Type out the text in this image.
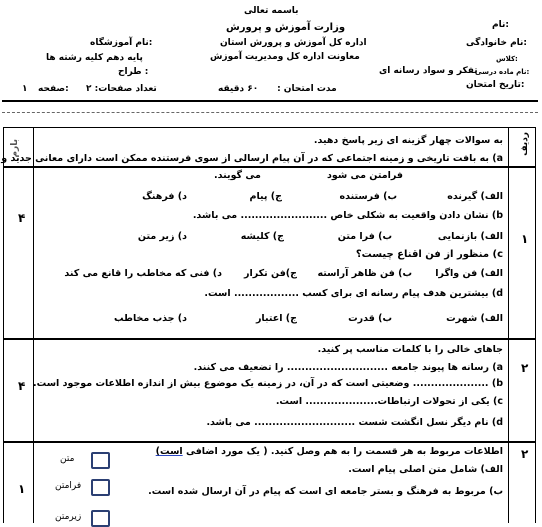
باسمه تعالی
وزارت آموزش و پرورش
اداره کل آموزش و پرورش استان
معاونت اداره کل ومدیریت آموزش
نام:
نام خانوادگی:
کلاس:
نام ماده درسی:
تفکر و سواد رسانه ای
تاریخ امتحان:
نام آموزشگاه:
پایه دهم کلیه رشته ها
طراح :
مدت امتحان :      ۶۰ دقیقه
تعداد صفحات: ۲
صفحه:
۱
ردیف
بارم	به سوالات چهار گزینه ای زیر پاسخ دهید.
a) به بافت تاریخی و زمینه اجتماعی که در آن پیام ارسالی از سوی فرستنده ممکن است دارای معانی جدید و
فرامتن می شود                    می گویند.
الف) گیرنده
ب) فرستنده
ج) پیام
د) فرهنگ
b) نشان دادن واقعیت به شکلی خاص ........................ می باشد.
الف) بازنمایی
ب) فرا متن
ج) کلیشه
د) زیر متن
c) منظور از فن اقناع چیست؟
الف) فن واگرا
ب) فن ظاهر آراسته
ج)فن تکرار
د) فنی که مخاطب را قانع می کند
d) بیشترین هدف پیام رسانه ای برای کسب .................. است.
الف) شهرت
ب) قدرت
ج) اعتبار
د) جذب مخاطب
۱
۴
جاهای خالی را با کلمات مناسب پر کنید.
a) رسانه ها پیوند جامعه ............................ را تضعیف می کنند.
b) ..................... وضعیتی است که در آن، در زمینه یک موضوع بیش از اندازه اطلاعات موجود است.
c) یکی از تحولات ارتباطات.................... است.
d) نام دیگر نسل انگشت شست ............................ می باشد.
۲
۴
اطلاعات مربوط به هر قسمت را به هم وصل کنید. ( یک مورد اضافی است)
الف) شامل متن اصلی پیام است.
ب) مربوط به فرهنگ و بستر جامعه ای است که پیام در آن ارسال شده است.
۲
۱
متن
فرامتن
زیرمتن
